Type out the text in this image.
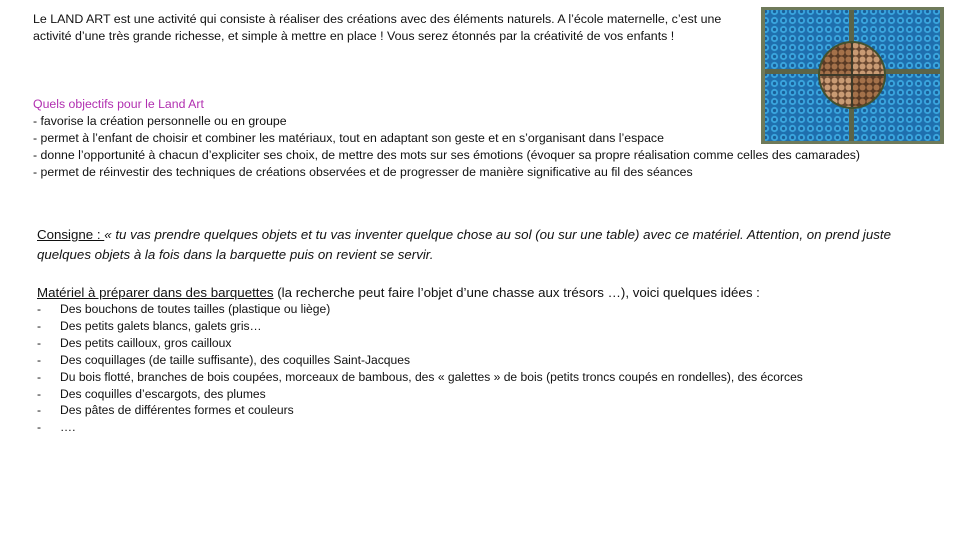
Le LAND ART est une activité qui consiste à réaliser des créations avec des éléments naturels. A l’école maternelle, c’est une activité d’une très grande richesse, et simple à mettre en place ! Vous serez étonnés par la créativité de vos enfants !

Quels objectifs pour le Land Art
- favorise la création personnelle ou en groupe
- permet à l’enfant de choisir et combiner les matériaux, tout en adaptant son geste et en s’organisant dans l’espace
- donne l’opportunité à chacun d’expliciter ses choix, de mettre des mots sur ses émotions (évoquer sa propre réalisation comme celles des camarades)
- permet de réinvestir des techniques de créations observées et de progresser de manière significative au fil des séances

Consigne : « tu vas prendre quelques objets et tu vas inventer quelque chose au sol (ou sur une table) avec ce matériel. Attention, on prend juste quelques objets à la fois dans la barquette puis on revient se servir.

Matériel à préparer dans des barquettes (la recherche peut faire l’objet d’une chasse aux trésors …), voici quelques idées :

- Des bouchons de toutes tailles (plastique ou liège)
- Des petits galets blancs, galets gris…
- Des petits cailloux, gros cailloux
- Des coquillages (de taille suffisante), des coquilles Saint-Jacques
- Du bois flotté, branches de bois coupées, morceaux de bambous, des « galettes » de bois (petits troncs coupés en rondelles), des écorces
- Des coquilles d’escargots, des plumes
- Des pâtes de différentes formes et couleurs
- ….
